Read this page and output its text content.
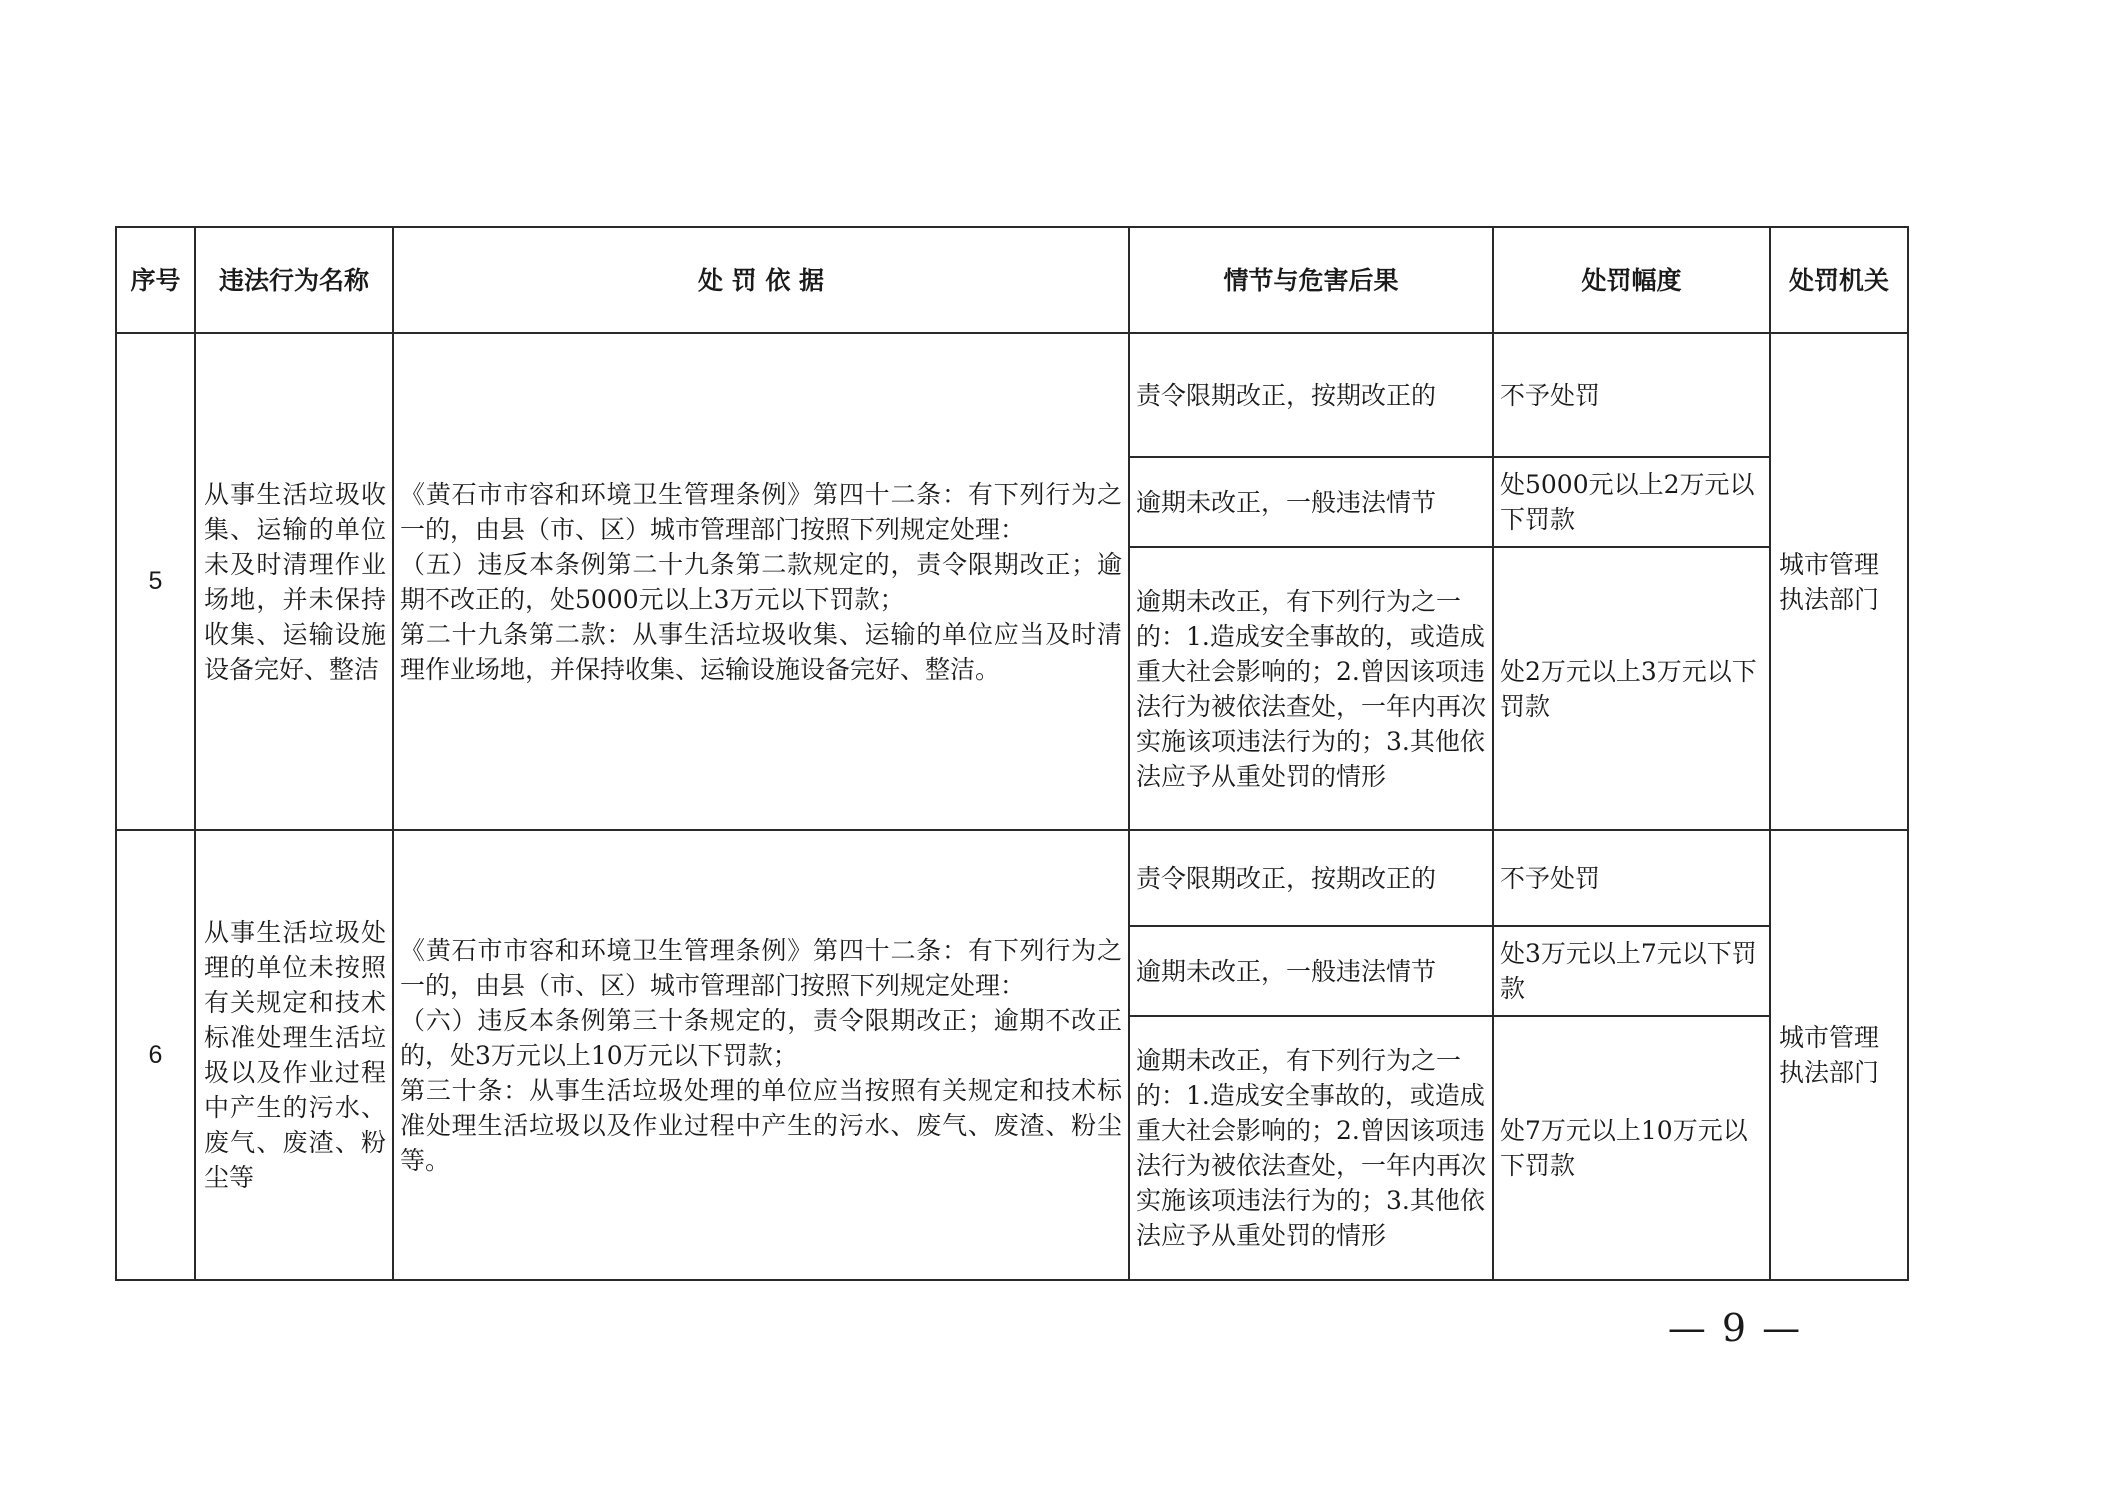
序号	违法行为名称	处 罚 依 据	情节与危害后果	处罚幅度	处罚机关
5	从事生活垃圾收集、运输的单位未及时清理作业场地，并未保持收集、运输设施设备完好、整洁	《黄石市市容和环境卫生管理条例》第四十二条：有下列行为之一的，由县（市、区）城市管理部门按照下列规定处理：
（五）违反本条例第二十九条第二款规定的，责令限期改正；逾期不改正的，处5000元以上3万元以下罚款；
第二十九条第二款：从事生活垃圾收集、运输的单位应当及时清理作业场地，并保持收集、运输设施设备完好、整洁。	责令限期改正，按期改正的	不予处罚	城市管理执法部门
			逾期未改正，一般违法情节	处5000元以上2万元以下罚款	
			逾期未改正，有下列行为之一的：1.造成安全事故的，或造成重大社会影响的；2.曾因该项违法行为被依法查处，一年内再次实施该项违法行为的；3.其他依法应予从重处罚的情形	处2万元以上3万元以下罚款	
6	从事生活垃圾处理的单位未按照有关规定和技术标准处理生活垃圾以及作业过程中产生的污水、废气、废渣、粉尘等	《黄石市市容和环境卫生管理条例》第四十二条：有下列行为之一的，由县（市、区）城市管理部门按照下列规定处理：
（六）违反本条例第三十条规定的，责令限期改正；逾期不改正的，处3万元以上10万元以下罚款；
第三十条：从事生活垃圾处理的单位应当按照有关规定和技术标准处理生活垃圾以及作业过程中产生的污水、废气、废渣、粉尘等。	责令限期改正，按期改正的	不予处罚	城市管理执法部门
			逾期未改正，一般违法情节	处3万元以上7元以下罚款	
			逾期未改正，有下列行为之一的：1.造成安全事故的，或造成重大社会影响的；2.曾因该项违法行为被依法查处，一年内再次实施该项违法行为的；3.其他依法应予从重处罚的情形	处7万元以上10万元以下罚款	
— 9 —
